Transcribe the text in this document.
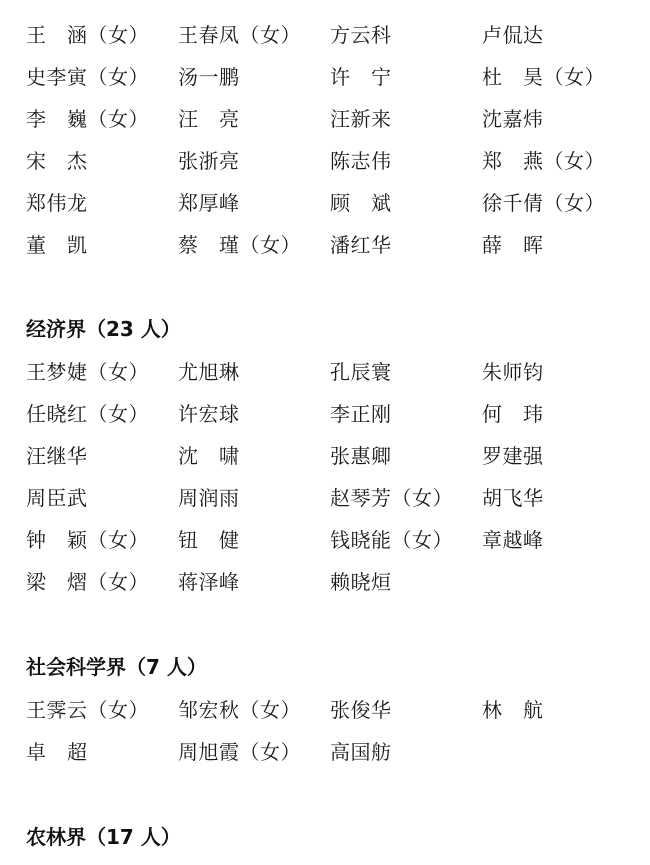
王　涵（女） 王春凤（女） 方云科	卢侃达
史李寅（女） 汤一鹏	许　宁	杜　昊（女）
李　巍（女） 汪　亮	汪新来	沈嘉炜
宋　杰	张浙亮	陈志伟	郑　燕（女）
郑伟龙	郑厚峰	顾　斌	徐千倩（女）
董　凯	蔡　瑾（女） 潘红华	薛　晖
经济界（23 人）
王梦婕（女） 尤旭琳	孔辰寰	朱师钧
任晓红（女） 许宏球	李正刚	何　玮
汪继华	沈　啸	张惠卿	罗建强
周臣武	周润雨	赵琴芳（女） 胡飞华
钟　颖（女） 钮　健	钱晓能（女） 章越峰
梁　熠（女） 蒋泽峰	赖晓烜
社会科学界（7 人）
王霁云（女） 邹宏秋（女） 张俊华	林　航
卓　超	周旭霞（女） 高国舫
农林界（17 人）
